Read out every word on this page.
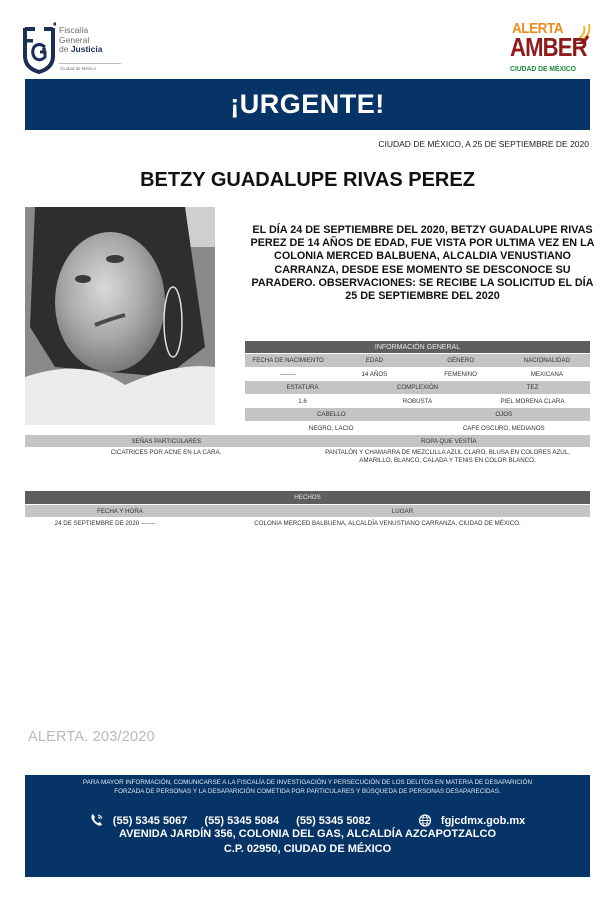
Fiscalía
General
de Justicia
Ciudad de México
ALERTA
AMBER
CIUDAD DE MÉXICO
¡URGENTE!
CIUDAD DE MÉXICO, A 25 DE SEPTIEMBRE DE 2020
BETZY GUADALUPE RIVAS PEREZ
EL DÍA 24 DE SEPTIEMBRE DEL 2020, BETZY GUADALUPE RIVAS PEREZ DE 14 AÑOS DE EDAD, FUE VISTA POR ULTIMA VEZ EN LA COLONIA MERCED BALBUENA, ALCALDIA VENUSTIANO CARRANZA, DESDE ESE MOMENTO SE DESCONOCE SU PARADERO. OBSERVACIONES: SE RECIBE LA SOLICITUD EL DÍA 25 DE SEPTIEMBRE DEL 2020
INFORMACIÓN GENERAL
FECHA DE NACIMIENTO	EDAD	GÉNERO	NACIONALIDAD
--------	14 AÑOS	FEMENINO	MEXICANA
ESTATURA	COMPLEXIÓN	TEZ
1.6	ROBUSTA	PIEL MORENA CLARA
CABELLO	OJOS
NEGRO, LACIO	CAFE OSCURO, MEDIANOS
SEÑAS PARTICULARES	ROPA QUE VESTÍA
CICATRICES POR ACNE EN LA CARA.	PANTALÓN Y CHAMARRA DE MEZCLILLA AZUL CLARO, BLUSA EN COLORES AZUL,
AMARILLO, BLANCO, CALADA Y TENIS EN COLOR BLANCO.
HECHOS
FECHA Y HORA	LUGAR
24 DE SEPTIEMBRE DE 2020 -------	COLONIA MERCED BALBUENA, ALCALDÍA VENUSTIANO CARRANZA, CIUDAD DE MÉXICO.
ALERTA. 203/2020
PARA MAYOR INFORMACIÓN, COMUNICARSE A LA FISCALÍA DE INVESTIGACIÓN Y PERSECUCIÓN DE LOS DELITOS EN MATERIA DE DESAPARICIÓN
FORZADA DE PERSONAS Y LA DESAPARICIÓN COMETIDA POR PARTICULARES Y BÚSQUEDA DE PERSONAS DESAPARECIDAS.
(55) 5345 5067 (55) 5345 5084 (55) 5345 5082	fgjcdmx.gob.mx
AVENIDA JARDÍN 356, COLONIA DEL GAS, ALCALDÍA AZCAPOTZALCO
C.P. 02950, CIUDAD DE MÉXICO
